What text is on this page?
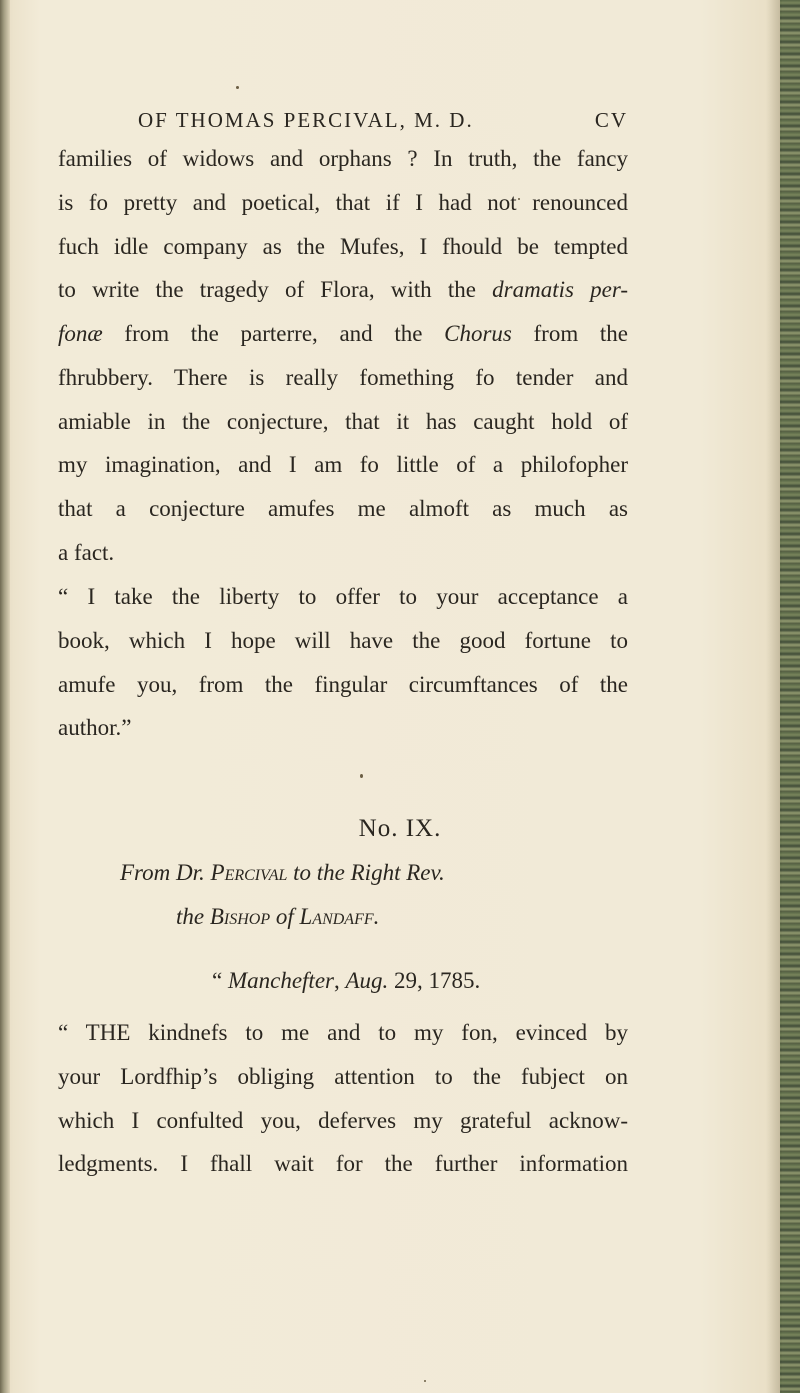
OF THOMAS PERCIVAL, M. D.	CV
families of widows and orphans ? In truth, the fancy
is fo pretty and poetical, that if I had not renounced
fuch idle company as the Mufes, I fhould be tempted
to write the tragedy of Flora, with the dramatis per-
fonæ from the parterre, and the Chorus from the
fhrubbery. There is really fomething fo tender and
amiable in the conjecture, that it has caught hold of
my imagination, and I am fo little of a philofopher
that a conjecture amufes me almoft as much as
a fact.
“ I take the liberty to offer to your acceptance a
book, which I hope will have the good fortune to
amufe you, from the fingular circumftances of the
author.”
No. IX.
From Dr. Percival to the Right Rev.
the Bishop of Landaff.
“ Manchefter, Aug. 29, 1785.
“ THE kindnefs to me and to my fon, evinced by
your Lordfhip’s obliging attention to the fubject on
which I confulted you, deferves my grateful acknow-
ledgments. I fhall wait for the further information
